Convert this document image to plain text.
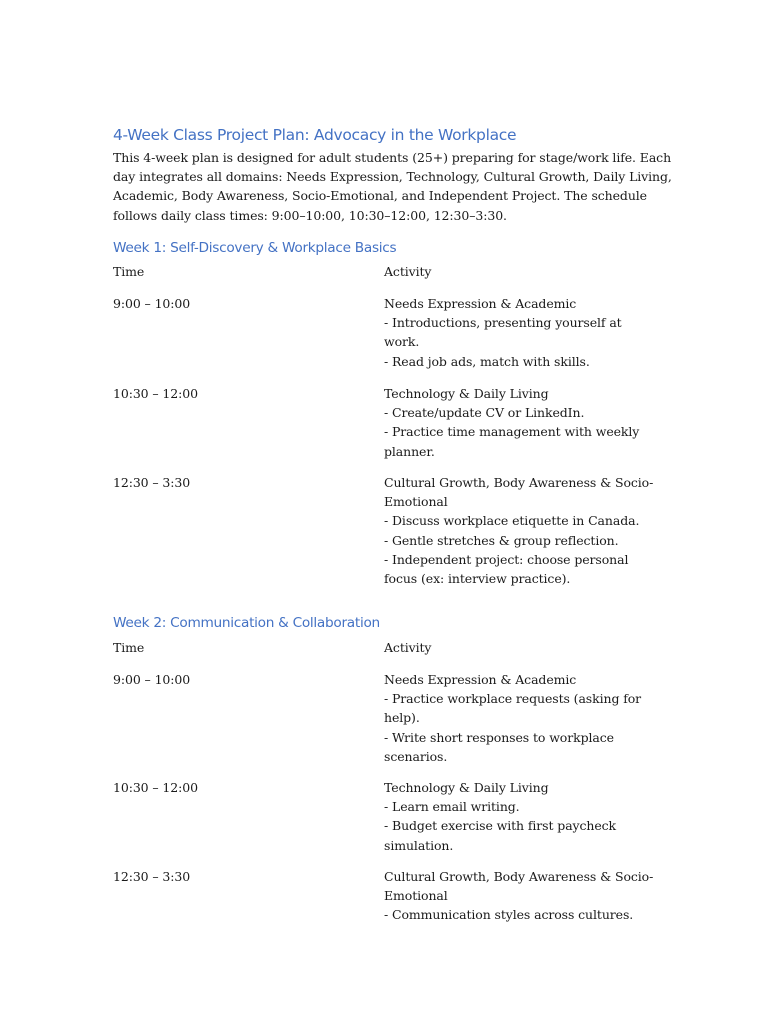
4-Week Class Project Plan: Advocacy in the Workplace

This 4-week plan is designed for adult students (25+) preparing for stage/work life. Each
day integrates all domains: Needs Expression, Technology, Cultural Growth, Daily Living,
Academic, Body Awareness, Socio-Emotional, and Independent Project. The schedule
follows daily class times: 9:00–10:00, 10:30–12:00, 12:30–3:30.

Week 1: Self-Discovery & Workplace Basics
Time	Activity
9:00 – 10:00	Needs Expression & Academic
- Introductions, presenting yourself at
work.
- Read job ads, match with skills.
10:30 – 12:00	Technology & Daily Living
- Create/update CV or LinkedIn.
- Practice time management with weekly
planner.
12:30 – 3:30	Cultural Growth, Body Awareness & Socio-
Emotional
- Discuss workplace etiquette in Canada.
- Gentle stretches & group reflection.
- Independent project: choose personal
focus (ex: interview practice).
Week 2: Communication & Collaboration
Time	Activity
9:00 – 10:00	Needs Expression & Academic
- Practice workplace requests (asking for
help).
- Write short responses to workplace
scenarios.
10:30 – 12:00	Technology & Daily Living
- Learn email writing.
- Budget exercise with first paycheck
simulation.
12:30 – 3:30	Cultural Growth, Body Awareness & Socio-
Emotional
- Communication styles across cultures.
